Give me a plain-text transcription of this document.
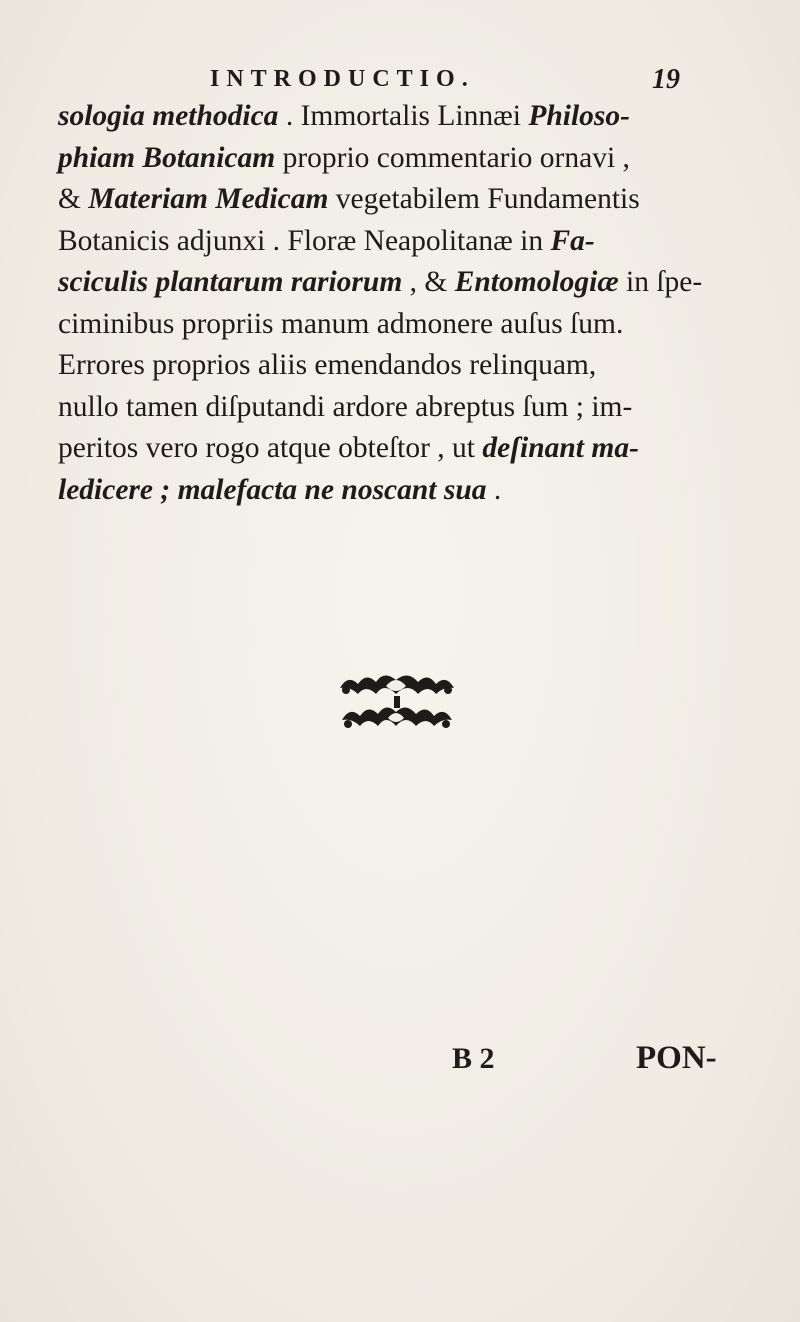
INTRODUCTIO.	19
sologia methodica . Immortalis Linnæi Philoso-
phiam Botanicam proprio commentario ornavi ,
& Materiam Medicam vegetabilem Fundamentis
Botanicis adjunxi . Floræ Neapolitanæ in Fa-
sciculis plantarum rariorum , & Entomologiæ in ſpe-
ciminibus propriis manum admonere auſus ſum.
Errores proprios aliis emendandos relinquam,
nullo tamen diſputandi ardore abreptus ſum ; im-
peritos vero rogo atque obteſtor , ut deſinant ma-
ledicere ; malefacta ne noscant sua .
B 2	PON-
